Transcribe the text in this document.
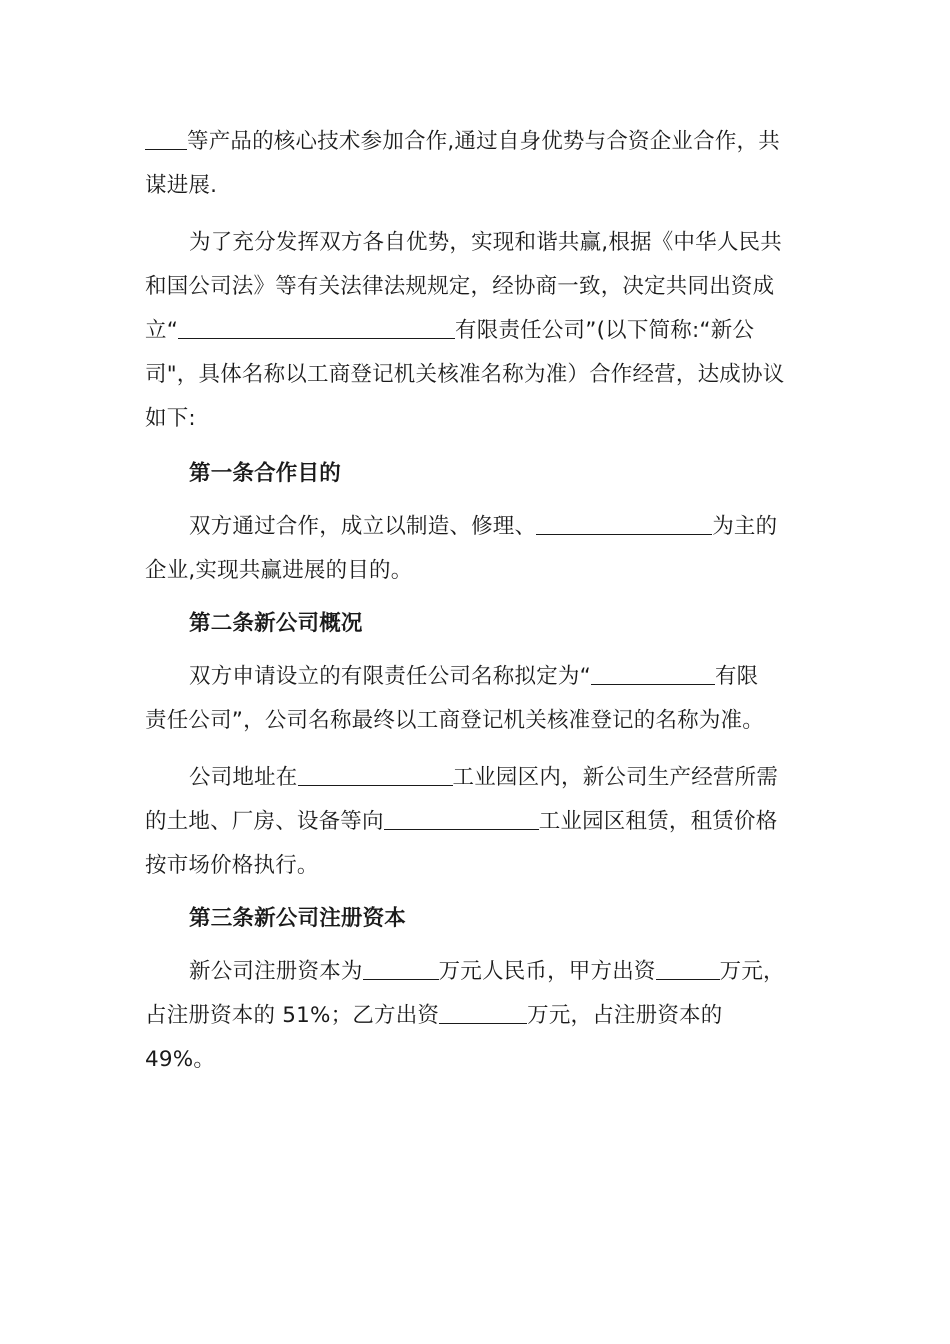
等产品的核心技术参加合作,通过自身优势与合资企业合作，共
谋进展.
为了充分发挥双方各自优势，实现和谐共赢,根据《中华人民共
和国公司法》等有关法律法规规定，经协商一致，决定共同出资成
立“	有限责任公司”(以下简称:“新公
司"，具体名称以工商登记机关核准名称为准）合作经营，达成协议
如下:
第一条合作目的
双方通过合作，成立以制造、修理、	为主的
企业,实现共赢进展的目的。
第二条新公司概况
双方申请设立的有限责任公司名称拟定为“	有限
责任公司”，公司名称最终以工商登记机关核准登记的名称为准。
公司地址在	工业园区内，新公司生产经营所需
的土地、厂房、设备等向	工业园区租赁，租赁价格
按市场价格执行。
第三条新公司注册资本
新公司注册资本为	万元人民币，甲方出资	万元，
占注册资本的 51%；乙方出资	万元，占注册资本的
49%。
